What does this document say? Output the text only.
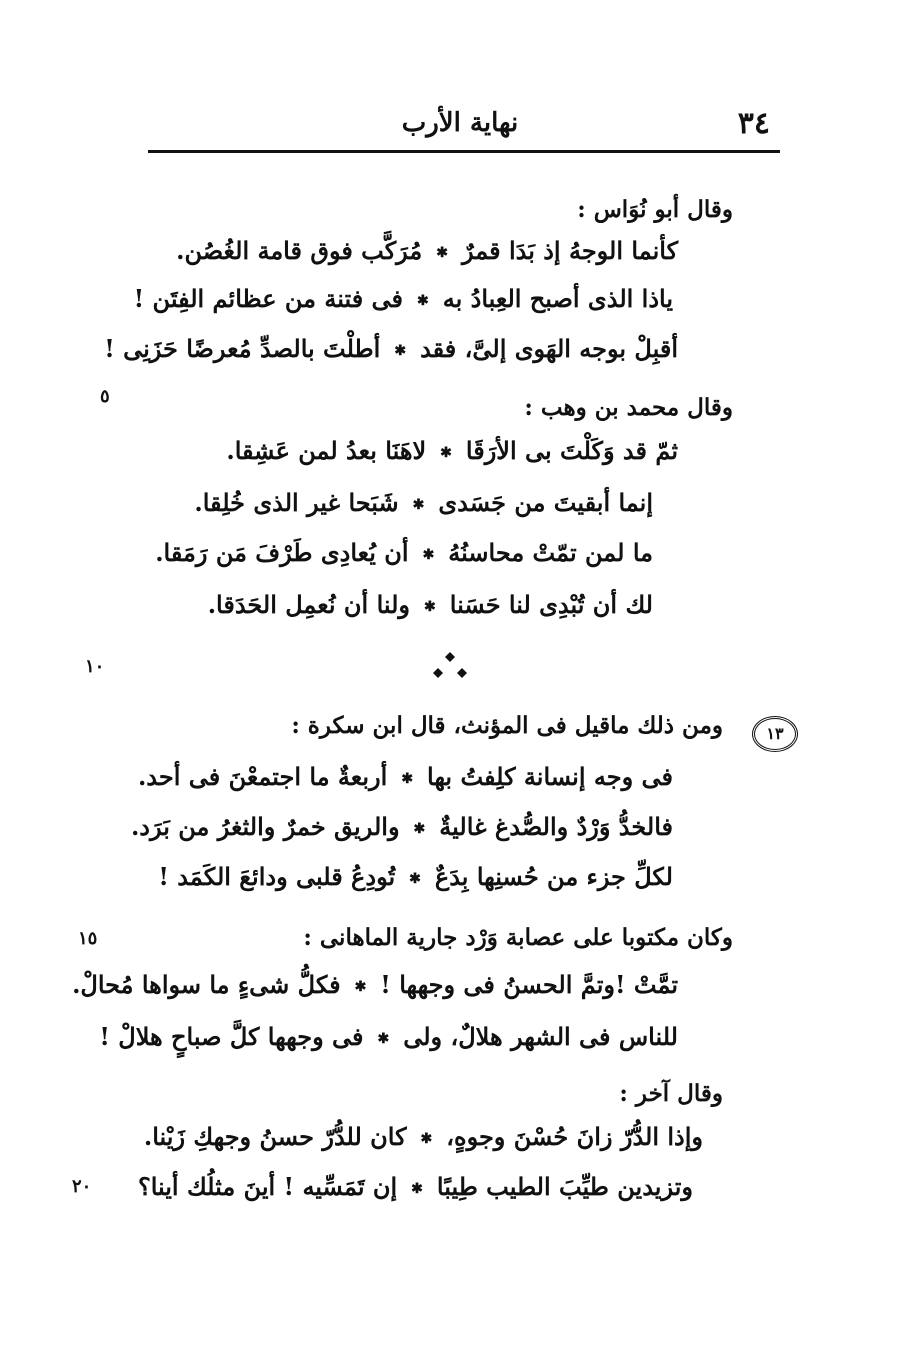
نهاية الأرب	٣٤
وقال أبو نُوَاس :
كأنما الوجهُ إذ بَدَا قمرٌ✱مُرَكَّب فوق قامة الغُصُن.
ياذا الذى أصبح العِبادُ به✱فى فتنة من عظائم الفِتَن !
أقبِلْ بوجه الهَوى إلىَّ، فقد✱أطلْتَ بالصدِّ مُعرضًا حَزَنِى !
٥	وقال محمد بن وهب :
ثمّ قد وَكَلْتَ بى الأرَقَا✱لاهَنَا بعدُ لمن عَشِقا.
إنما أبقيتَ من جَسَدى✱شَبَحا غير الذى خُلِقا.
ما لمن تمّتْ محاسنُهُ✱أن يُعادِى طَرْفَ مَن رَمَقا.
لك أن تُبْدِى لنا حَسَنا✱ولنا أن نُعمِل الحَدَقا.
١٠
١٣
ومن ذلك ماقيل فى المؤنث، قال ابن سكرة :
فى وجه إنسانة كلِفتُ بها✱أربعةٌ ما اجتمعْنَ فى أحد.
فالخدُّ وَرْدٌ والصُّدغ غاليةٌ✱والريق خمرٌ والثغرُ من بَرَد.
لكلِّ جزء من حُسنِها بِدَعٌ✱تُودِعُ قلبى ودائعَ الكَمَد !
١٥	وكان مكتوبا على عصابة وَرْد جارية الماهانى :
تمَّتْ !وتمَّ الحسنُ فى وجهها !✱فكلُّ شىءٍ ما سواها مُحالْ.
للناس فى الشهر هلالٌ، ولى✱فى وجهها كلَّ صباحٍ هلالْ !
وقال آخر :
وإذا الدُّرّ زانَ حُسْنَ وجوهٍ،✱كان للدُّرّ حسنُ وجهكِ زَيْنا.
وتزيدين طيِّبَ الطيب طِيبًا✱إن تَمَسِّيه ! أينَ مثلُك أينا؟
٢٠
